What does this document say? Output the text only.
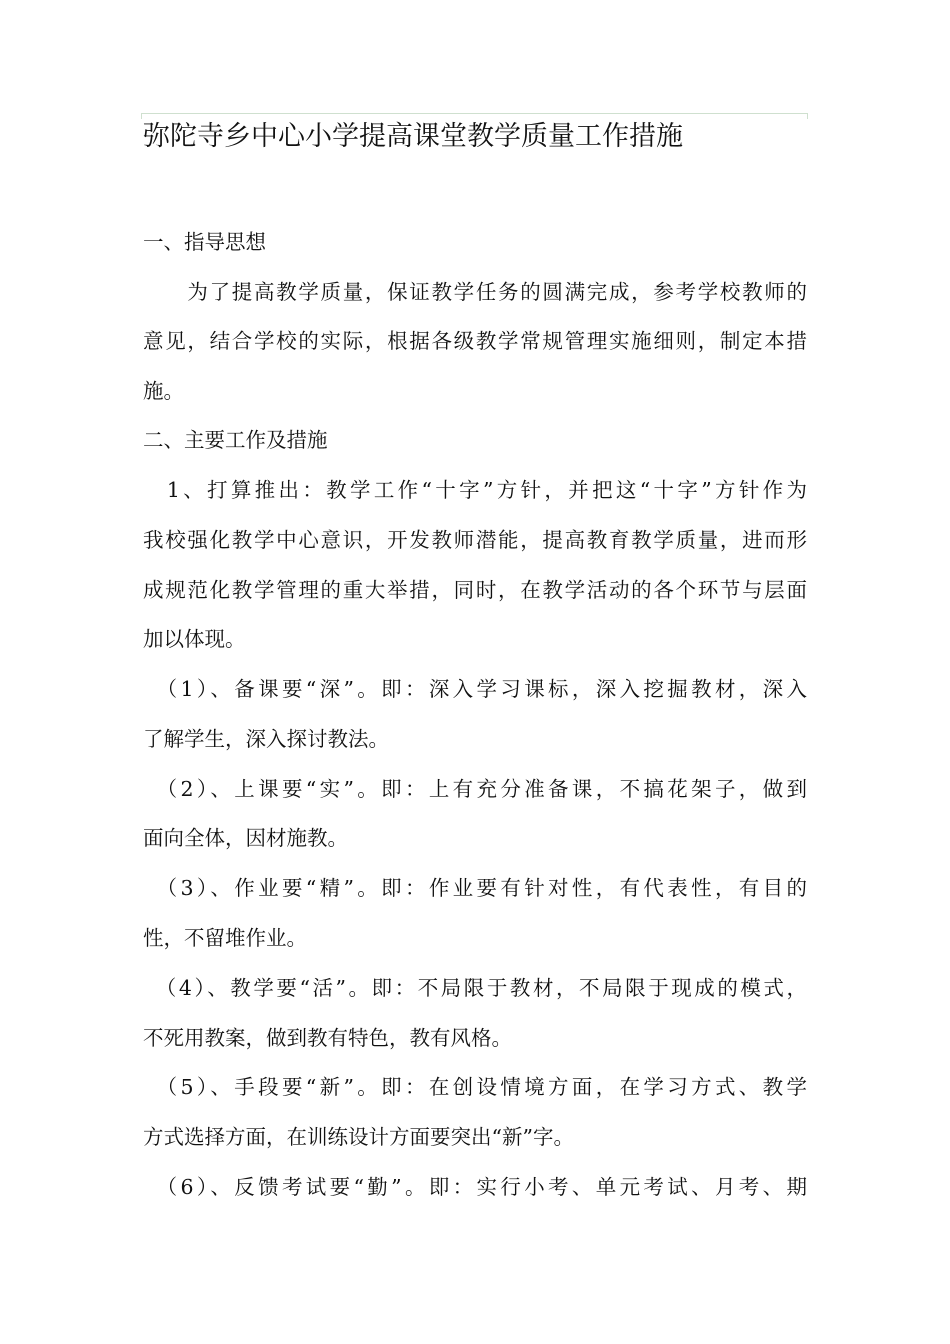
弥陀寺乡中心小学提高课堂教学质量工作措施
一、指导思想
　　为了提高教学质量，保证教学任务的圆满完成，参考学校教师的
意见，结合学校的实际，根据各级教学常规管理实施细则，制定本措
施。
二、主要工作及措施
　1、打算推出：教学工作“十字”方针，并把这“十字”方针作为
我校强化教学中心意识，开发教师潜能，提高教育教学质量，进而形
成规范化教学管理的重大举措，同时，在教学活动的各个环节与层面
加以体现。
　（1）、备课要“深”。即：深入学习课标，深入挖掘教材，深入
了解学生，深入探讨教法。
　（2）、上课要“实”。即：上有充分准备课，不搞花架子，做到
面向全体，因材施教。
　（3）、作业要“精”。即：作业要有针对性，有代表性，有目的
性，不留堆作业。
　（4）、教学要“活”。即：不局限于教材，不局限于现成的模式，
不死用教案，做到教有特色，教有风格。
　（5）、手段要“新”。即：在创设情境方面，在学习方式、教学
方式选择方面，在训练设计方面要突出“新”字。
　（6）、反馈考试要“勤”。即：实行小考、单元考试、月考、期
